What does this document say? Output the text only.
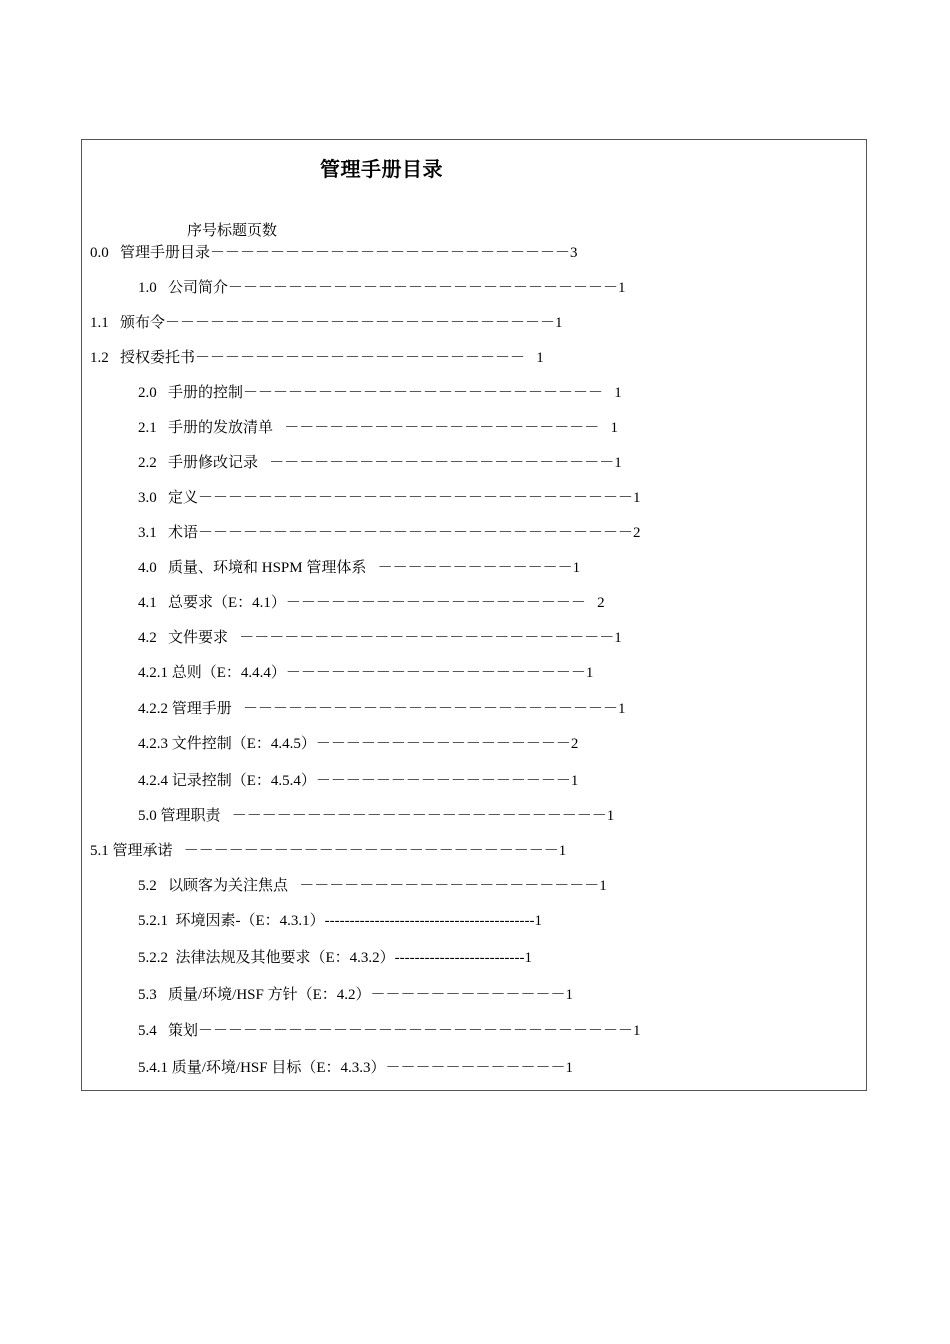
管理手册目录
序号标题页数
0.0   管理手册目录－－－－－－－－－－－－－－－－－－－－－－－－3
1.0   公司简介－－－－－－－－－－－－－－－－－－－－－－－－－－1
1.1   颁布令－－－－－－－－－－－－－－－－－－－－－－－－－－1
1.2   授权委托书－－－－－－－－－－－－－－－－－－－－－－   1
2.0   手册的控制－－－－－－－－－－－－－－－－－－－－－－－－   1
2.1   手册的发放清单   －－－－－－－－－－－－－－－－－－－－－   1
2.2   手册修改记录   －－－－－－－－－－－－－－－－－－－－－－－1
3.0   定义－－－－－－－－－－－－－－－－－－－－－－－－－－－－－1
3.1   术语－－－－－－－－－－－－－－－－－－－－－－－－－－－－－2
4.0   质量、环境和 HSPM 管理体系   －－－－－－－－－－－－－1
4.1   总要求（E：4.1）－－－－－－－－－－－－－－－－－－－－   2
4.2   文件要求   －－－－－－－－－－－－－－－－－－－－－－－－－1
4.2.1 总则（E：4.4.4）－－－－－－－－－－－－－－－－－－－－1
4.2.2 管理手册   －－－－－－－－－－－－－－－－－－－－－－－－－1
4.2.3 文件控制（E：4.4.5）－－－－－－－－－－－－－－－－－2
4.2.4 记录控制（E：4.5.4）－－－－－－－－－－－－－－－－－1
5.0 管理职责   －－－－－－－－－－－－－－－－－－－－－－－－－1
5.1 管理承诺   －－－－－－－－－－－－－－－－－－－－－－－－－1
5.2   以顾客为关注焦点   －－－－－－－－－－－－－－－－－－－－1
5.2.1  环境因素-（E：4.3.1）------------------------------------------1
5.2.2  法律法规及其他要求（E：4.3.2）--------------------------1
5.3   质量/环境/HSF 方针（E：4.2）－－－－－－－－－－－－－1
5.4   策划－－－－－－－－－－－－－－－－－－－－－－－－－－－－－1
5.4.1 质量/环境/HSF 目标（E：4.3.3）－－－－－－－－－－－－1
